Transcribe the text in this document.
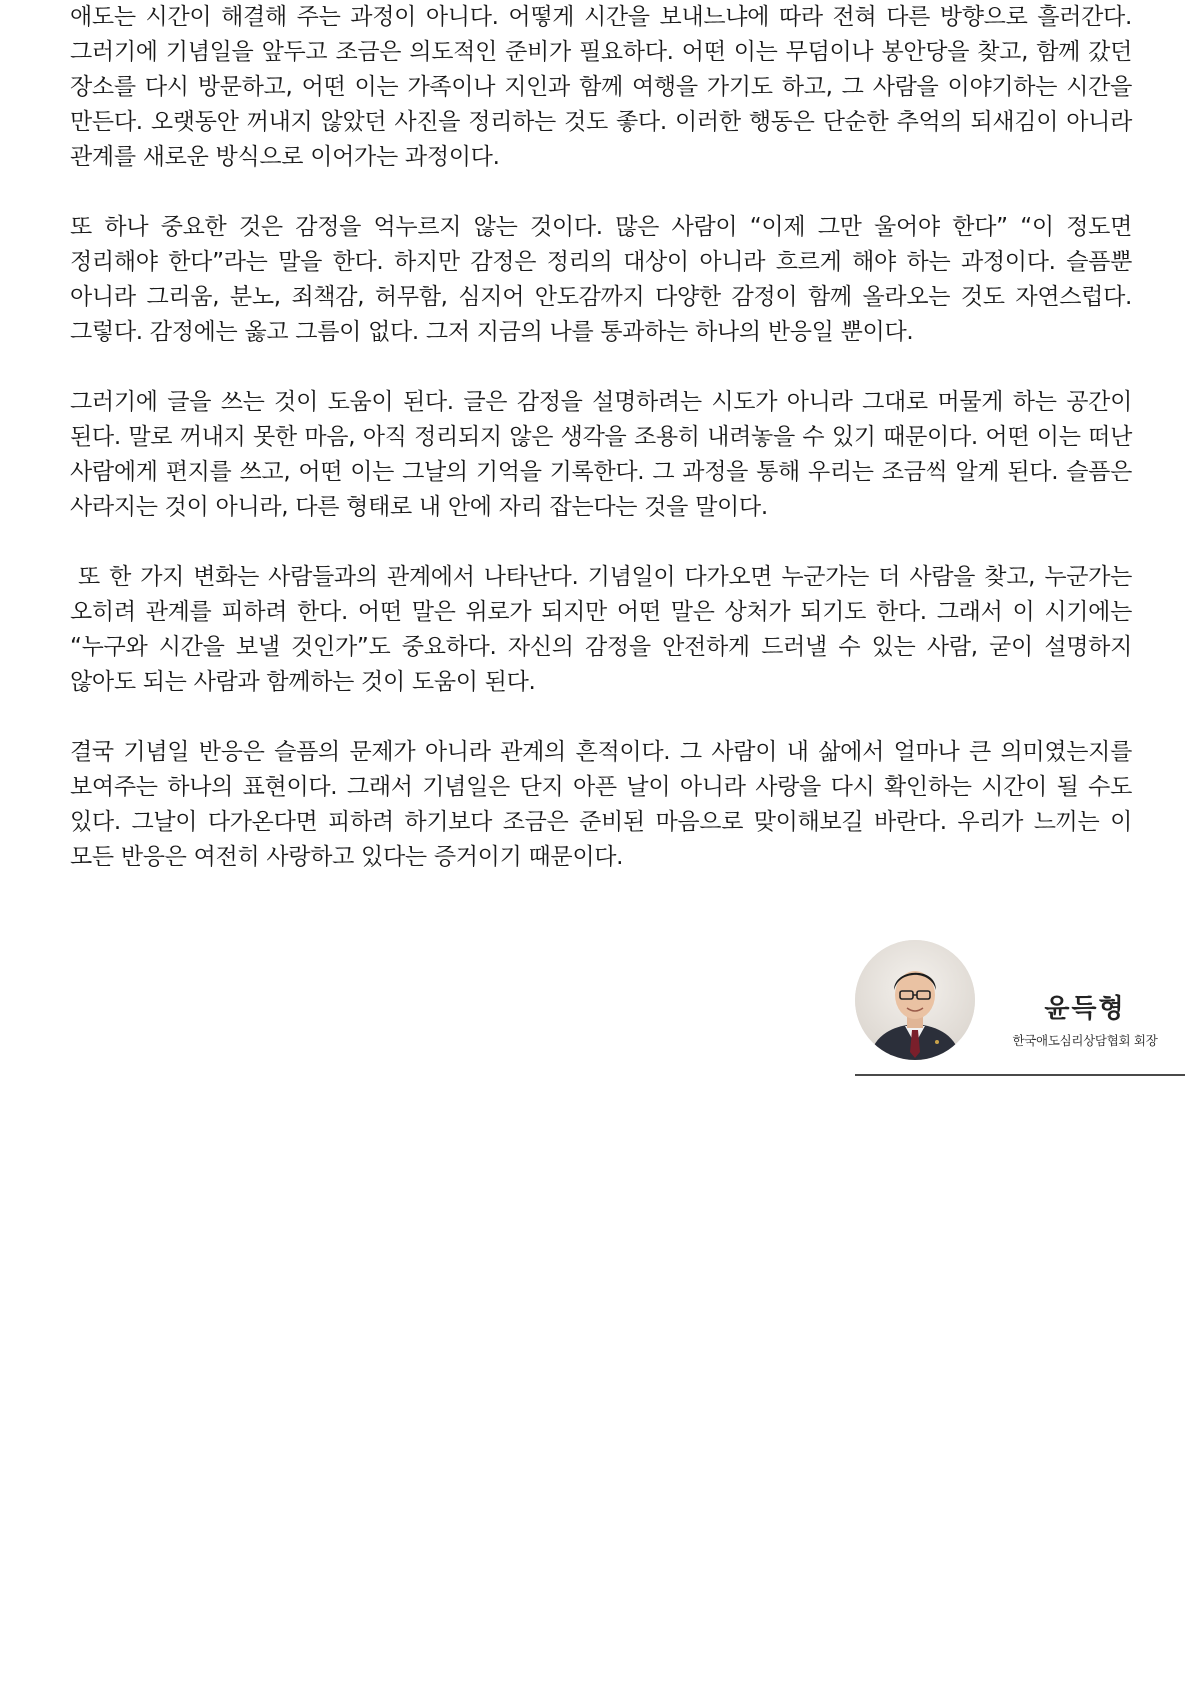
애도는 시간이 해결해 주는 과정이 아니다. 어떻게 시간을 보내느냐에 따라 전혀 다른 방향으로 흘러간다. 그러기에 기념일을 앞두고 조금은 의도적인 준비가 필요하다. 어떤 이는 무덤이나 봉안당을 찾고, 함께 갔던 장소를 다시 방문하고, 어떤 이는 가족이나 지인과 함께 여행을 가기도 하고, 그 사람을 이야기하는 시간을 만든다. 오랫동안 꺼내지 않았던 사진을 정리하는 것도 좋다. 이러한 행동은 단순한 추억의 되새김이 아니라 관계를 새로운 방식으로 이어가는 과정이다.

또 하나 중요한 것은 감정을 억누르지 않는 것이다. 많은 사람이 “이제 그만 울어야 한다” “이 정도면 정리해야 한다”라는 말을 한다. 하지만 감정은 정리의 대상이 아니라 흐르게 해야 하는 과정이다. 슬픔뿐 아니라 그리움, 분노, 죄책감, 허무함, 심지어 안도감까지 다양한 감정이 함께 올라오는 것도 자연스럽다. 그렇다. 감정에는 옳고 그름이 없다. 그저 지금의 나를 통과하는 하나의 반응일 뿐이다.

그러기에 글을 쓰는 것이 도움이 된다. 글은 감정을 설명하려는 시도가 아니라 그대로 머물게 하는 공간이 된다. 말로 꺼내지 못한 마음, 아직 정리되지 않은 생각을 조용히 내려놓을 수 있기 때문이다. 어떤 이는 떠난 사람에게 편지를 쓰고, 어떤 이는 그날의 기억을 기록한다. 그 과정을 통해 우리는 조금씩 알게 된다. 슬픔은 사라지는 것이 아니라, 다른 형태로 내 안에 자리 잡는다는 것을 말이다.

또 한 가지 변화는 사람들과의 관계에서 나타난다. 기념일이 다가오면 누군가는 더 사람을 찾고, 누군가는 오히려 관계를 피하려 한다. 어떤 말은 위로가 되지만 어떤 말은 상처가 되기도 한다. 그래서 이 시기에는 “누구와 시간을 보낼 것인가”도 중요하다. 자신의 감정을 안전하게 드러낼 수 있는 사람, 굳이 설명하지 않아도 되는 사람과 함께하는 것이 도움이 된다.

결국 기념일 반응은 슬픔의 문제가 아니라 관계의 흔적이다. 그 사람이 내 삶에서 얼마나 큰 의미였는지를 보여주는 하나의 표현이다. 그래서 기념일은 단지 아픈 날이 아니라 사랑을 다시 확인하는 시간이 될 수도 있다. 그날이 다가온다면 피하려 하기보다 조금은 준비된 마음으로 맞이해보길 바란다. 우리가 느끼는 이 모든 반응은 여전히 사랑하고 있다는 증거이기 때문이다.

윤득형
한국애도심리상담협회 회장
